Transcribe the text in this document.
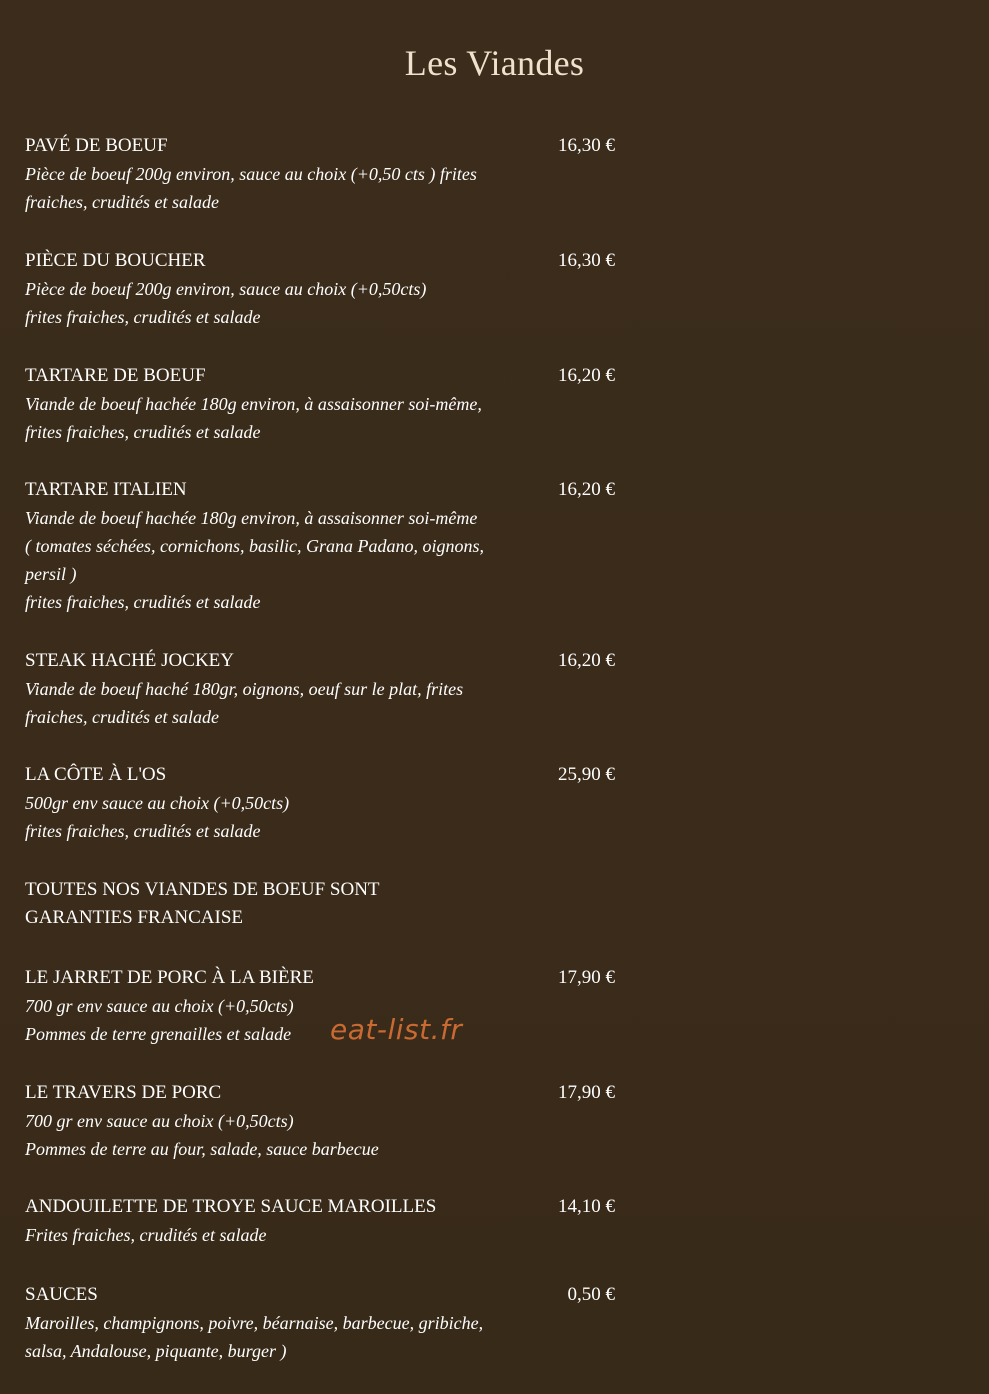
Les Viandes
PAVÉ DE BOEUF	16,30 €
Pièce de boeuf 200g environ, sauce au choix (+0,50 cts ) frites
fraiches, crudités et salade
PIÈCE DU BOUCHER	16,30 €
Pièce de boeuf 200g environ, sauce au choix (+0,50cts)
frites fraiches, crudités et salade
TARTARE DE BOEUF	16,20 €
Viande de boeuf hachée 180g environ, à assaisonner soi-même,
frites fraiches, crudités et salade
TARTARE ITALIEN	16,20 €
Viande de boeuf hachée 180g environ, à assaisonner soi-même
( tomates séchées, cornichons, basilic, Grana Padano, oignons,
persil )
frites fraiches, crudités et salade
STEAK HACHÉ JOCKEY	16,20 €
Viande de boeuf haché 180gr, oignons, oeuf sur le plat, frites
fraiches, crudités et salade
LA CÔTE À L'OS	25,90 €
500gr env sauce au choix (+0,50cts)
frites fraiches, crudités et salade
TOUTES NOS VIANDES DE BOEUF SONT
GARANTIES FRANCAISE
LE JARRET DE PORC À LA BIÈRE	17,90 €
700 gr env sauce au choix (+0,50cts)
Pommes de terre grenailles et salade
LE TRAVERS DE PORC	17,90 €
700 gr env sauce au choix (+0,50cts)
Pommes de terre au four, salade, sauce barbecue
ANDOUILETTE DE TROYE SAUCE MAROILLES	14,10 €
Frites fraiches, crudités et salade
SAUCES	0,50 €
Maroilles, champignons, poivre, béarnaise, barbecue, gribiche,
salsa, Andalouse, piquante, burger )
eat-list.fr
